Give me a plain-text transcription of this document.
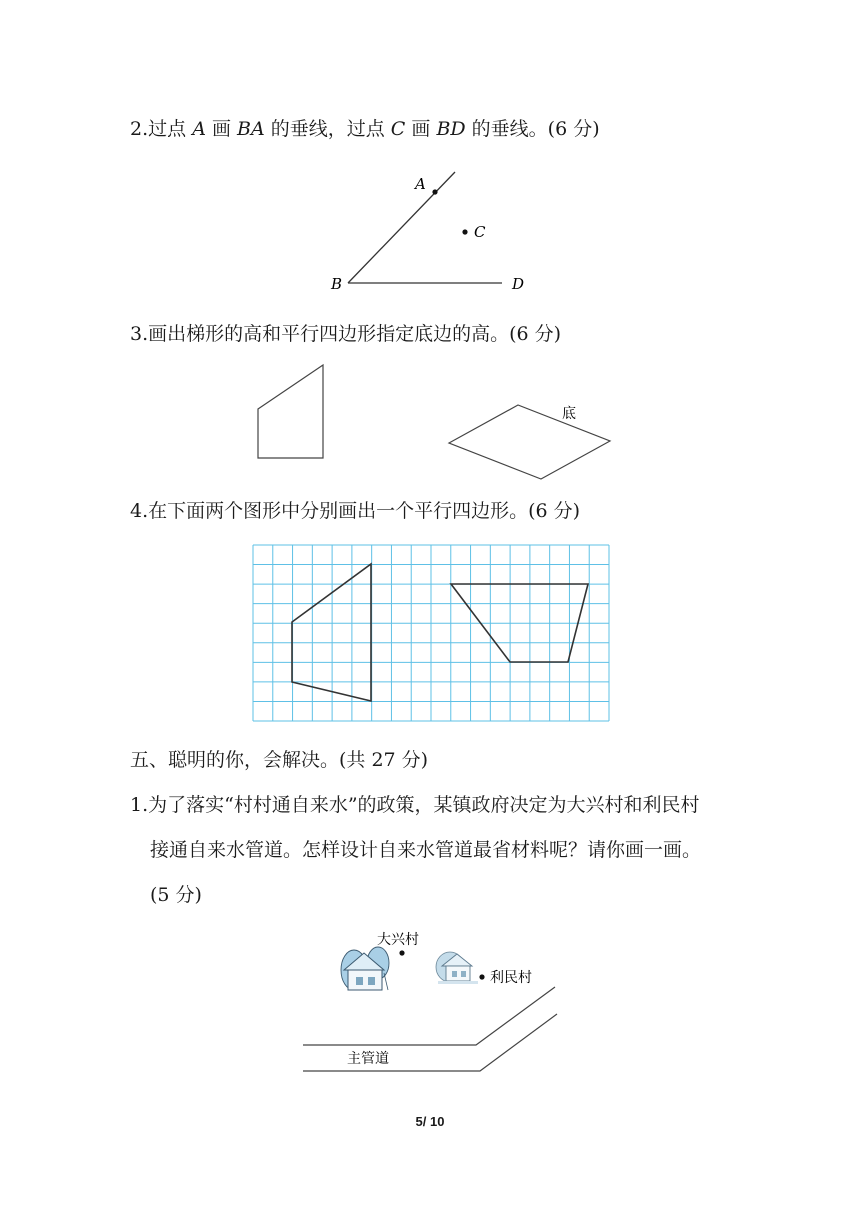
2.过点 A 画 BA 的垂线，过点 C 画 BD 的垂线。(6 分)
A
C
B	D
3.画出梯形的高和平行四边形指定底边的高。(6 分)
底
4.在下面两个图形中分别画出一个平行四边形。(6 分)
五、聪明的你，会解决。(共 27 分)
1.为了落实“村村通自来水”的政策，某镇政府决定为大兴村和利民村
接通自来水管道。怎样设计自来水管道最省材料呢？请你画一画。
(5 分)
大兴村
利民村
主管道
5/ 10
